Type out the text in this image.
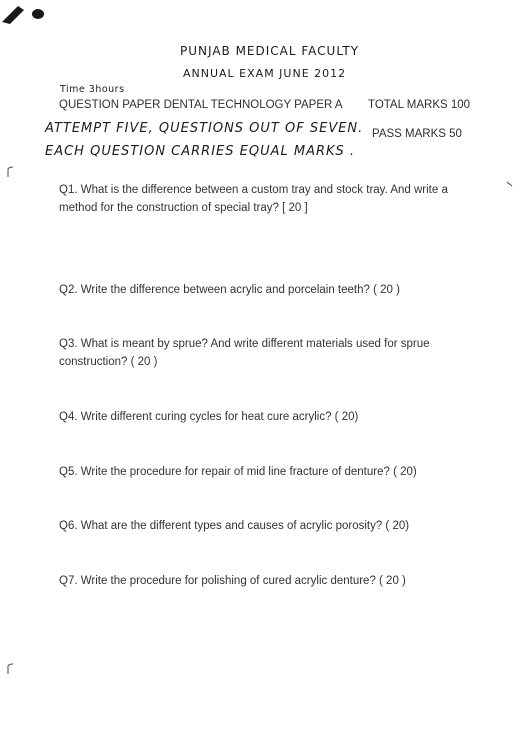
PUNJAB MEDICAL FACULTY
ANNUAL EXAM JUNE 2012
Time 3hours
QUESTION PAPER DENTAL TECHNOLOGY PAPER A TOTAL MARKS 100
ATTEMPT FIVE, QUESTIONS OUT OF SEVEN. PASS MARKS 50
EACH QUESTION CARRIES EQUAL MARKS .
Q1. What is the difference between a custom tray and stock tray. And write a
method for the construction of special tray? [ 20 ]
Q2. Write the difference between acrylic and porcelain teeth? ( 20 )
Q3. What is meant by sprue? And write different materials used for sprue
construction? ( 20 )
Q4. Write different curing cycles for heat cure acrylic? ( 20)
Q5. Write the procedure for repair of mid line fracture of denture? ( 20)
Q6. What are the different types and causes of acrylic porosity? ( 20)
Q7. Write the procedure for polishing of cured acrylic denture? ( 20 )
